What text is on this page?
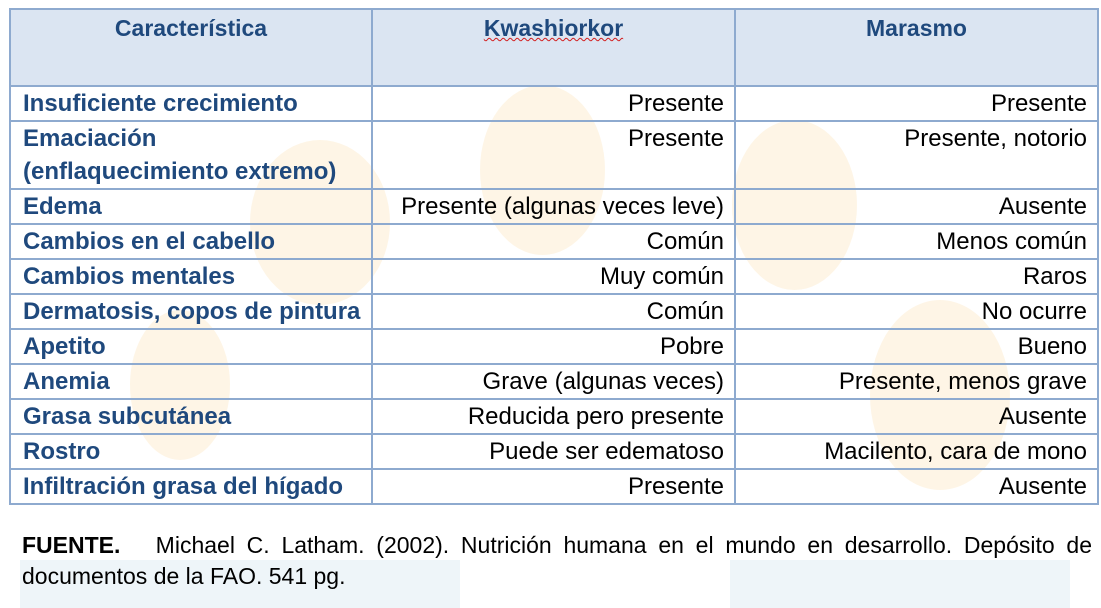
Característica	Kwashiorkor	Marasmo
Insuficiente crecimiento	Presente	Presente
Emaciación (enflaquecimiento extremo)	Presente	Presente, notorio
Edema	Presente (algunas veces leve)	Ausente
Cambios en el cabello	Común	Menos común
Cambios mentales	Muy común	Raros
Dermatosis, copos de pintura	Común	No ocurre
Apetito	Pobre	Bueno
Anemia	Grave (algunas veces)	Presente, menos grave
Grasa subcutánea	Reducida pero presente	Ausente
Rostro	Puede ser edematoso	Macilento, cara de mono
Infiltración grasa del hígado	Presente	Ausente
FUENTE. Michael C. Latham. (2002). Nutrición humana en el mundo en desarrollo. Depósito de
documentos de la FAO. 541 pg.
